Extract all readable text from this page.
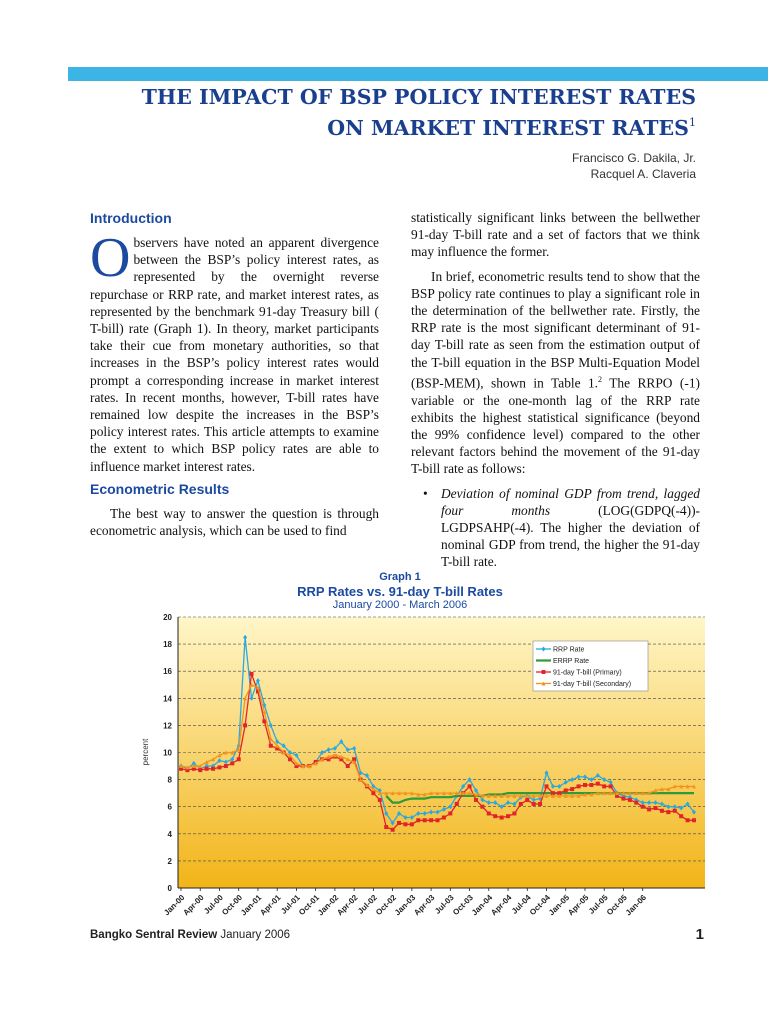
THE IMPACT OF BSP POLICY INTEREST RATES
ON MARKET INTEREST RATES$^1$
Francisco G. Dakila, Jr.
Racquel A. Claveria
Introduction

Observers have noted an apparent divergence between the BSP’s policy interest rates, as represented by the overnight reverse repurchase or RRP rate, and market interest rates, as represented by the benchmark 91-day Treasury bill ( T-bill) rate (Graph 1). In theory, market participants take their cue from monetary authorities, so that increases in the BSP’s policy interest rates would prompt a corresponding increase in market interest rates. In recent months, however, T-bill rates have remained low despite the increases in the BSP’s policy interest rates. This article attempts to examine the extent to which BSP policy rates are able to influence market interest rates.

Econometric Results

The best way to answer the question is through econometric analysis, which can be used to find

statistically significant links between the bellwether 91-day T-bill rate and a set of factors that we think may influence the former.

In brief, econometric results tend to show that the BSP policy rate continues to play a significant role in the determination of the bellwether rate. Firstly, the RRP rate is the most significant determinant of 91-day T-bill rate as seen from the estimation output of the T-bill equation in the BSP Multi-Equation Model (BSP-MEM), shown in Table 1.$^2$ The RRPO (-1) variable or the one-month lag of the RRP rate exhibits the highest statistical significance (beyond the 99% confidence level) compared to the other relevant factors behind the movement of the 91-day T-bill rate as follows:

• Deviation of nominal GDP from trend, lagged four months (LOG(GDPQ(-4))-LGDPSAHP(-4). The higher the deviation of nominal GDP from trend, the higher the 91-day T-bill rate.
Graph 1
RRP Rates vs. 91-day T-bill Rates
January 2000 - March 2006
0
2
4
6
8
10
12
14
16
18
20
Jan-00
Apr-00
Jul-00
Oct-00
Jan-01
Apr-01
Jul-01
Oct-01
Jan-02
Apr-02
Jul-02
Oct-02
Jan-03
Apr-03
Jul-03
Oct-03
Jan-04
Apr-04
Jul-04
Oct-04
Jan-05
Apr-05
Jul-05
Oct-05
Jan-06
RRP Rate
ERRP Rate
91-day T-bill (Primary)
91-day T-bill (Secondary)
percent
Bangko Sentral Review January 2006	1
